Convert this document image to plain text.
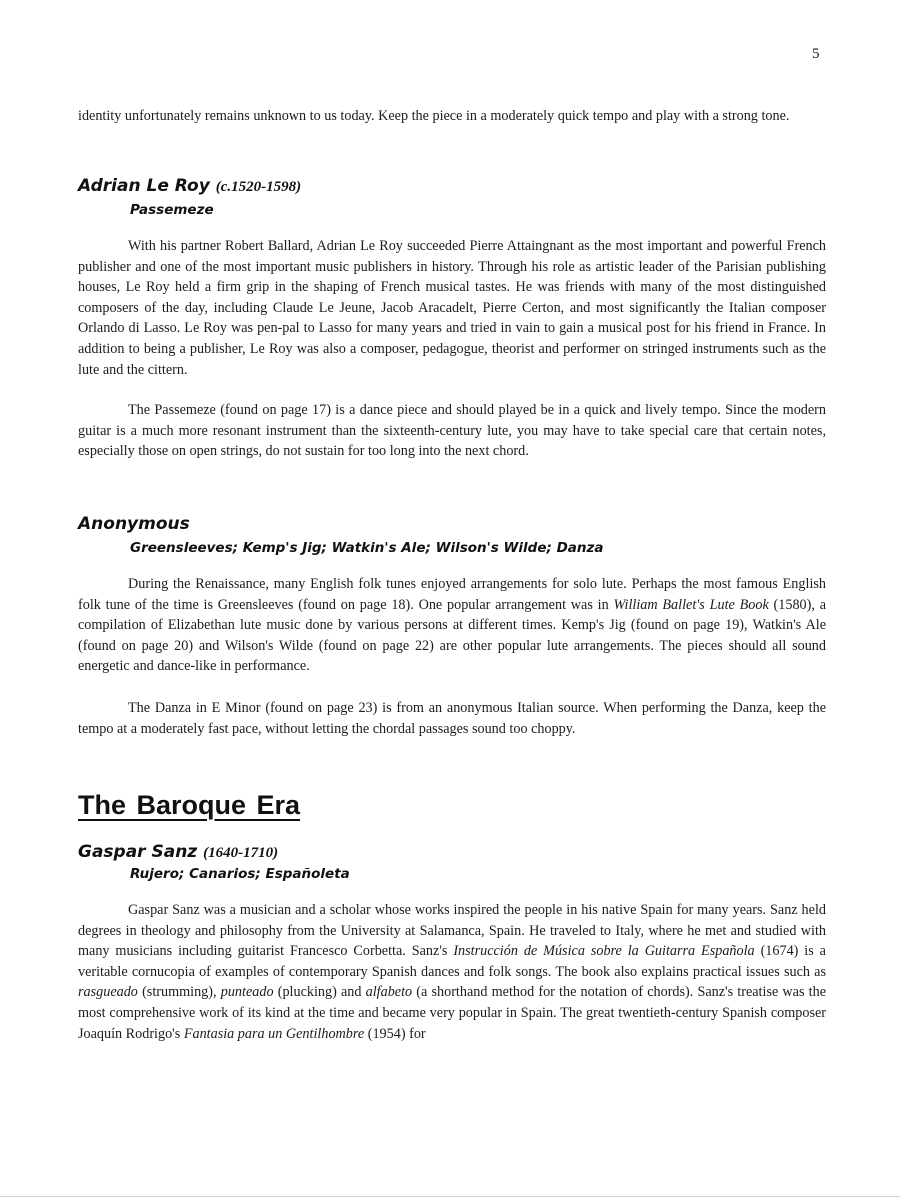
5

identity unfortunately remains unknown to us today. Keep the piece in a moderately quick tempo and play with a strong tone.

Adrian Le Roy (c.1520-1598)

Passemeze

With his partner Robert Ballard, Adrian Le Roy succeeded Pierre Attaingnant as the most important and powerful French publisher and one of the most important music publishers in history. Through his role as artistic leader of the Parisian publishing houses, Le Roy held a firm grip in the shaping of French musical tastes. He was friends with many of the most distinguished composers of the day, including Claude Le Jeune, Jacob Aracadelt, Pierre Certon, and most significantly the Italian composer Orlando di Lasso. Le Roy was pen-pal to Lasso for many years and tried in vain to gain a musical post for his friend in France. In addition to being a publisher, Le Roy was also a composer, pedagogue, theorist and performer on stringed instruments such as the lute and the cittern.

The Passemeze (found on page 17) is a dance piece and should played be in a quick and lively tempo. Since the modern guitar is a much more resonant instrument than the sixteenth-century lute, you may have to take special care that certain notes, especially those on open strings, do not sustain for too long into the next chord.

Anonymous

Greensleeves; Kemp's Jig; Watkin's Ale; Wilson's Wilde; Danza

During the Renaissance, many English folk tunes enjoyed arrangements for solo lute. Perhaps the most famous English folk tune of the time is Greensleeves (found on page 18). One popular arrangement was in William Ballet's Lute Book (1580), a compilation of Elizabethan lute music done by various persons at different times. Kemp's Jig (found on page 19), Watkin's Ale (found on page 20) and Wilson's Wilde (found on page 22) are other popular lute arrangements. The pieces should all sound energetic and dance-like in performance.

The Danza in E Minor (found on page 23) is from an anonymous Italian source. When performing the Danza, keep the tempo at a moderately fast pace, without letting the chordal passages sound too choppy.

The Baroque Era
Gaspar Sanz (1640-1710)

Rujero; Canarios; Españoleta

Gaspar Sanz was a musician and a scholar whose works inspired the people in his native Spain for many years. Sanz held degrees in theology and philosophy from the University at Salamanca, Spain. He traveled to Italy, where he met and studied with many musicians including guitarist Francesco Corbetta. Sanz's Instrucción de Música sobre la Guitarra Española (1674) is a veritable cornucopia of examples of contemporary Spanish dances and folk songs. The book also explains practical issues such as rasgueado (strumming), punteado (plucking) and alfabeto (a shorthand method for the notation of chords). Sanz's treatise was the most comprehensive work of its kind at the time and became very popular in Spain. The great twentieth-century Spanish composer Joaquín Rodrigo's Fantasia para un Gentilhombre (1954) for
